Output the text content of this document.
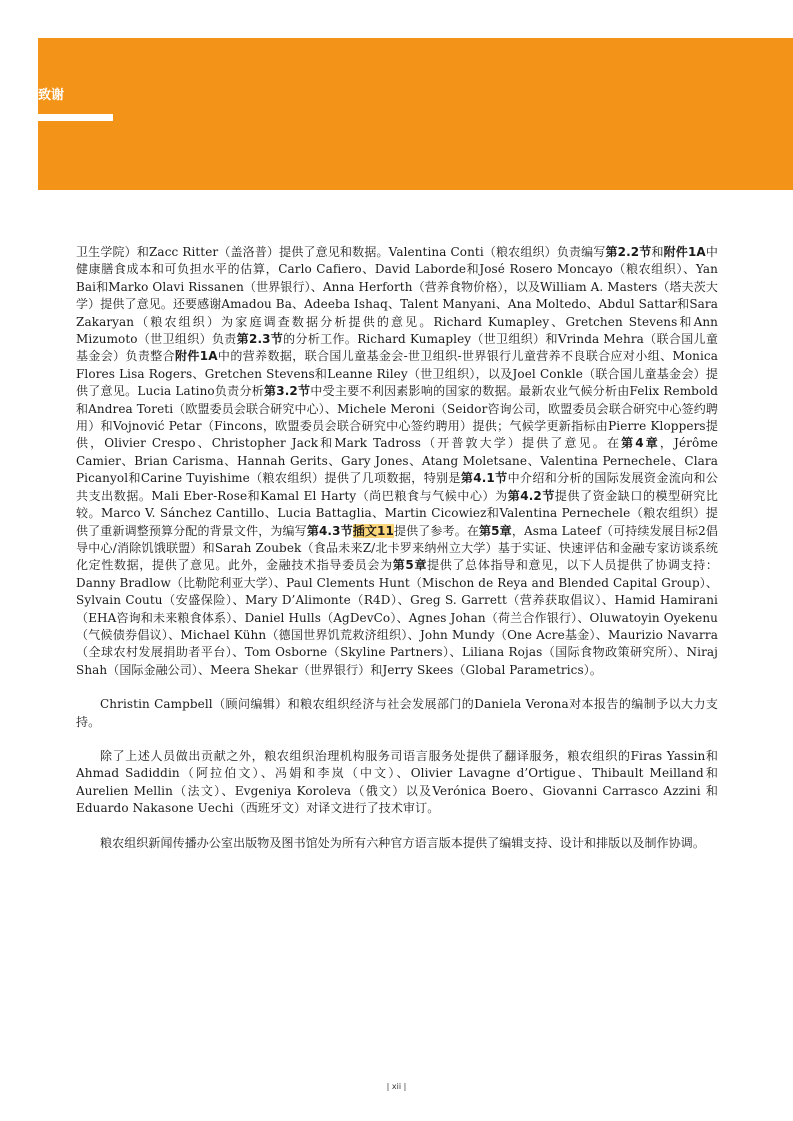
致谢

卫生学院）和Zacc Ritter（盖洛普）提供了意见和数据。Valentina Conti（粮农组织）负责编写第2.2节和附件1A中健康膳食成本和可负担水平的估算，Carlo Cafiero、David Laborde和José Rosero Moncayo（粮农组织）、Yan Bai和Marko Olavi Rissanen（世界银行）、Anna Herforth（营养食物价格），以及William A. Masters（塔夫茨大学）提供了意见。还要感谢Amadou Ba、Adeeba Ishaq、Talent Manyani、Ana Moltedo、Abdul Sattar和Sara Zakaryan（粮农组织）为家庭调查数据分析提供的意见。Richard Kumapley、Gretchen Stevens和Ann Mizumoto（世卫组织）负责第2.3节的分析工作。Richard Kumapley（世卫组织）和Vrinda Mehra（联合国儿童基金会）负责整合附件1A中的营养数据，联合国儿童基金会-世卫组织-世界银行儿童营养不良联合应对小组、Monica Flores Lisa Rogers、Gretchen Stevens和Leanne Riley（世卫组织），以及Joel Conkle（联合国儿童基金会）提供了意见。Lucia Latino负责分析第3.2节中受主要不利因素影响的国家的数据。最新农业气候分析由Felix Rembold和Andrea Toreti（欧盟委员会联合研究中心）、Michele Meroni（Seidor咨询公司，欧盟委员会联合研究中心签约聘用）和Vojnović Petar（Fincons，欧盟委员会联合研究中心签约聘用）提供；气候学更新指标由Pierre Kloppers提供，Olivier Crespo、Christopher Jack和Mark Tadross（开普敦大学）提供了意见。在第4章，Jérôme Camier、Brian Carisma、Hannah Gerits、Gary Jones、Atang Moletsane、Valentina Pernechele、Clara Picanyol和Carine Tuyishime（粮农组织）提供了几项数据，特别是第4.1节中介绍和分析的国际发展资金流向和公共支出数据。Mali Eber-Rose和Kamal El Harty（尚巴粮食与气候中心）为第4.2节提供了资金缺口的模型研究比较。Marco V. Sánchez Cantillo、Lucia Battaglia、Martin Cicowiez和Valentina Pernechele（粮农组织）提供了重新调整预算分配的背景文件，为编写第4.3节插文11提供了参考。在第5章，Asma Lateef（可持续发展目标2倡导中心/消除饥饿联盟）和Sarah Zoubek（食品未来Z/北卡罗来纳州立大学）基于实证、快速评估和金融专家访谈系统化定性数据，提供了意见。此外，金融技术指导委员会为第5章提供了总体指导和意见，以下人员提供了协调支持：Danny Bradlow（比勒陀利亚大学）、Paul Clements Hunt（Mischon de Reya and Blended Capital Group）、Sylvain Coutu（安盛保险）、Mary D’Alimonte（R4D）、Greg S. Garrett（营养获取倡议）、Hamid Hamirani（EHA咨询和未来粮食体系）、Daniel Hulls（AgDevCo）、Agnes Johan（荷兰合作银行）、Oluwatoyin Oyekenu（气候债券倡议）、Michael Kühn（德国世界饥荒救济组织）、John Mundy（One Acre基金）、Maurizio Navarra（全球农村发展捐助者平台）、Tom Osborne（Skyline Partners）、Liliana Rojas（国际食物政策研究所）、Niraj Shah（国际金融公司）、Meera Shekar（世界银行）和Jerry Skees（Global Parametrics）。

Christin Campbell（顾问编辑）和粮农组织经济与社会发展部门的Daniela Verona对本报告的编制予以大力支持。

除了上述人员做出贡献之外，粮农组织治理机构服务司语言服务处提供了翻译服务，粮农组织的Firas Yassin和Ahmad Sadiddin（阿拉伯文）、冯娟和李岚（中文）、Olivier Lavagne d’Ortigue、Thibault Meilland和Aurelien Mellin（法文）、Evgeniya Koroleva（俄文）以及Verónica Boero、Giovanni Carrasco Azzini 和Eduardo Nakasone Uechi（西班牙文）对译文进行了技术审订。

粮农组织新闻传播办公室出版物及图书馆处为所有六种官方语言版本提供了编辑支持、设计和排版以及制作协调。

| xii |
